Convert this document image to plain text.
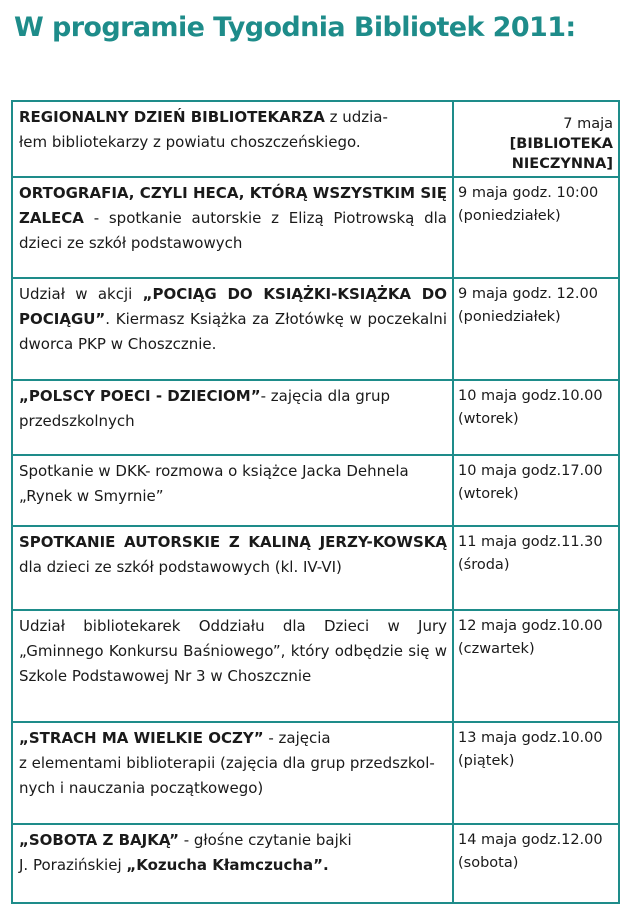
W programie Tygodnia Bibliotek 2011:
REGIONALNY DZIEŃ BIBLIOTEKARZA z udzia-
łem bibliotekarzy z powiatu choszczeńskiego.	7 maja
[BIBLIOTEKA
NIECZYNNA]
ORTOGRAFIA, CZYLI HECA, KTÓRĄ WSZYSTKIM SIĘ ZALECA - spotkanie autorskie z Elizą Piotrowską dla dzieci ze szkół podstawowych	9 maja godz. 10:00
(poniedziałek)
Udział w akcji „POCIĄG DO KSIĄŻKI-KSIĄŻKA DO POCIĄGU”. Kiermasz Książka za Złotówkę w poczekalni dworca PKP w Choszcznie.	9 maja godz. 12.00
(poniedziałek)
„POLSCY POECI - DZIECIOM”- zajęcia dla grup przedszkolnych	10 maja godz.10.00
(wtorek)
Spotkanie w DKK- rozmowa o książce Jacka Dehnela
„Rynek w Smyrnie”	10 maja godz.17.00
(wtorek)
SPOTKANIE AUTORSKIE Z KALINĄ JERZY-KOWSKĄ dla dzieci ze szkół podstawowych (kl. IV-VI)	11 maja godz.11.30
(środa)
Udział bibliotekarek Oddziału dla Dzieci w Jury „Gminnego Konkursu Baśniowego”, który odbędzie się w Szkole Podstawowej Nr 3 w Choszcznie	12 maja godz.10.00
(czwartek)
„STRACH MA WIELKIE OCZY” - zajęcia
z elementami biblioterapii (zajęcia dla grup przedszkol-
nych i nauczania początkowego)	13 maja godz.10.00
(piątek)
„SOBOTA Z BAJKĄ” - głośne czytanie bajki
J. Porazińskiej „Kozucha Kłamczucha”.	14 maja godz.12.00
(sobota)
